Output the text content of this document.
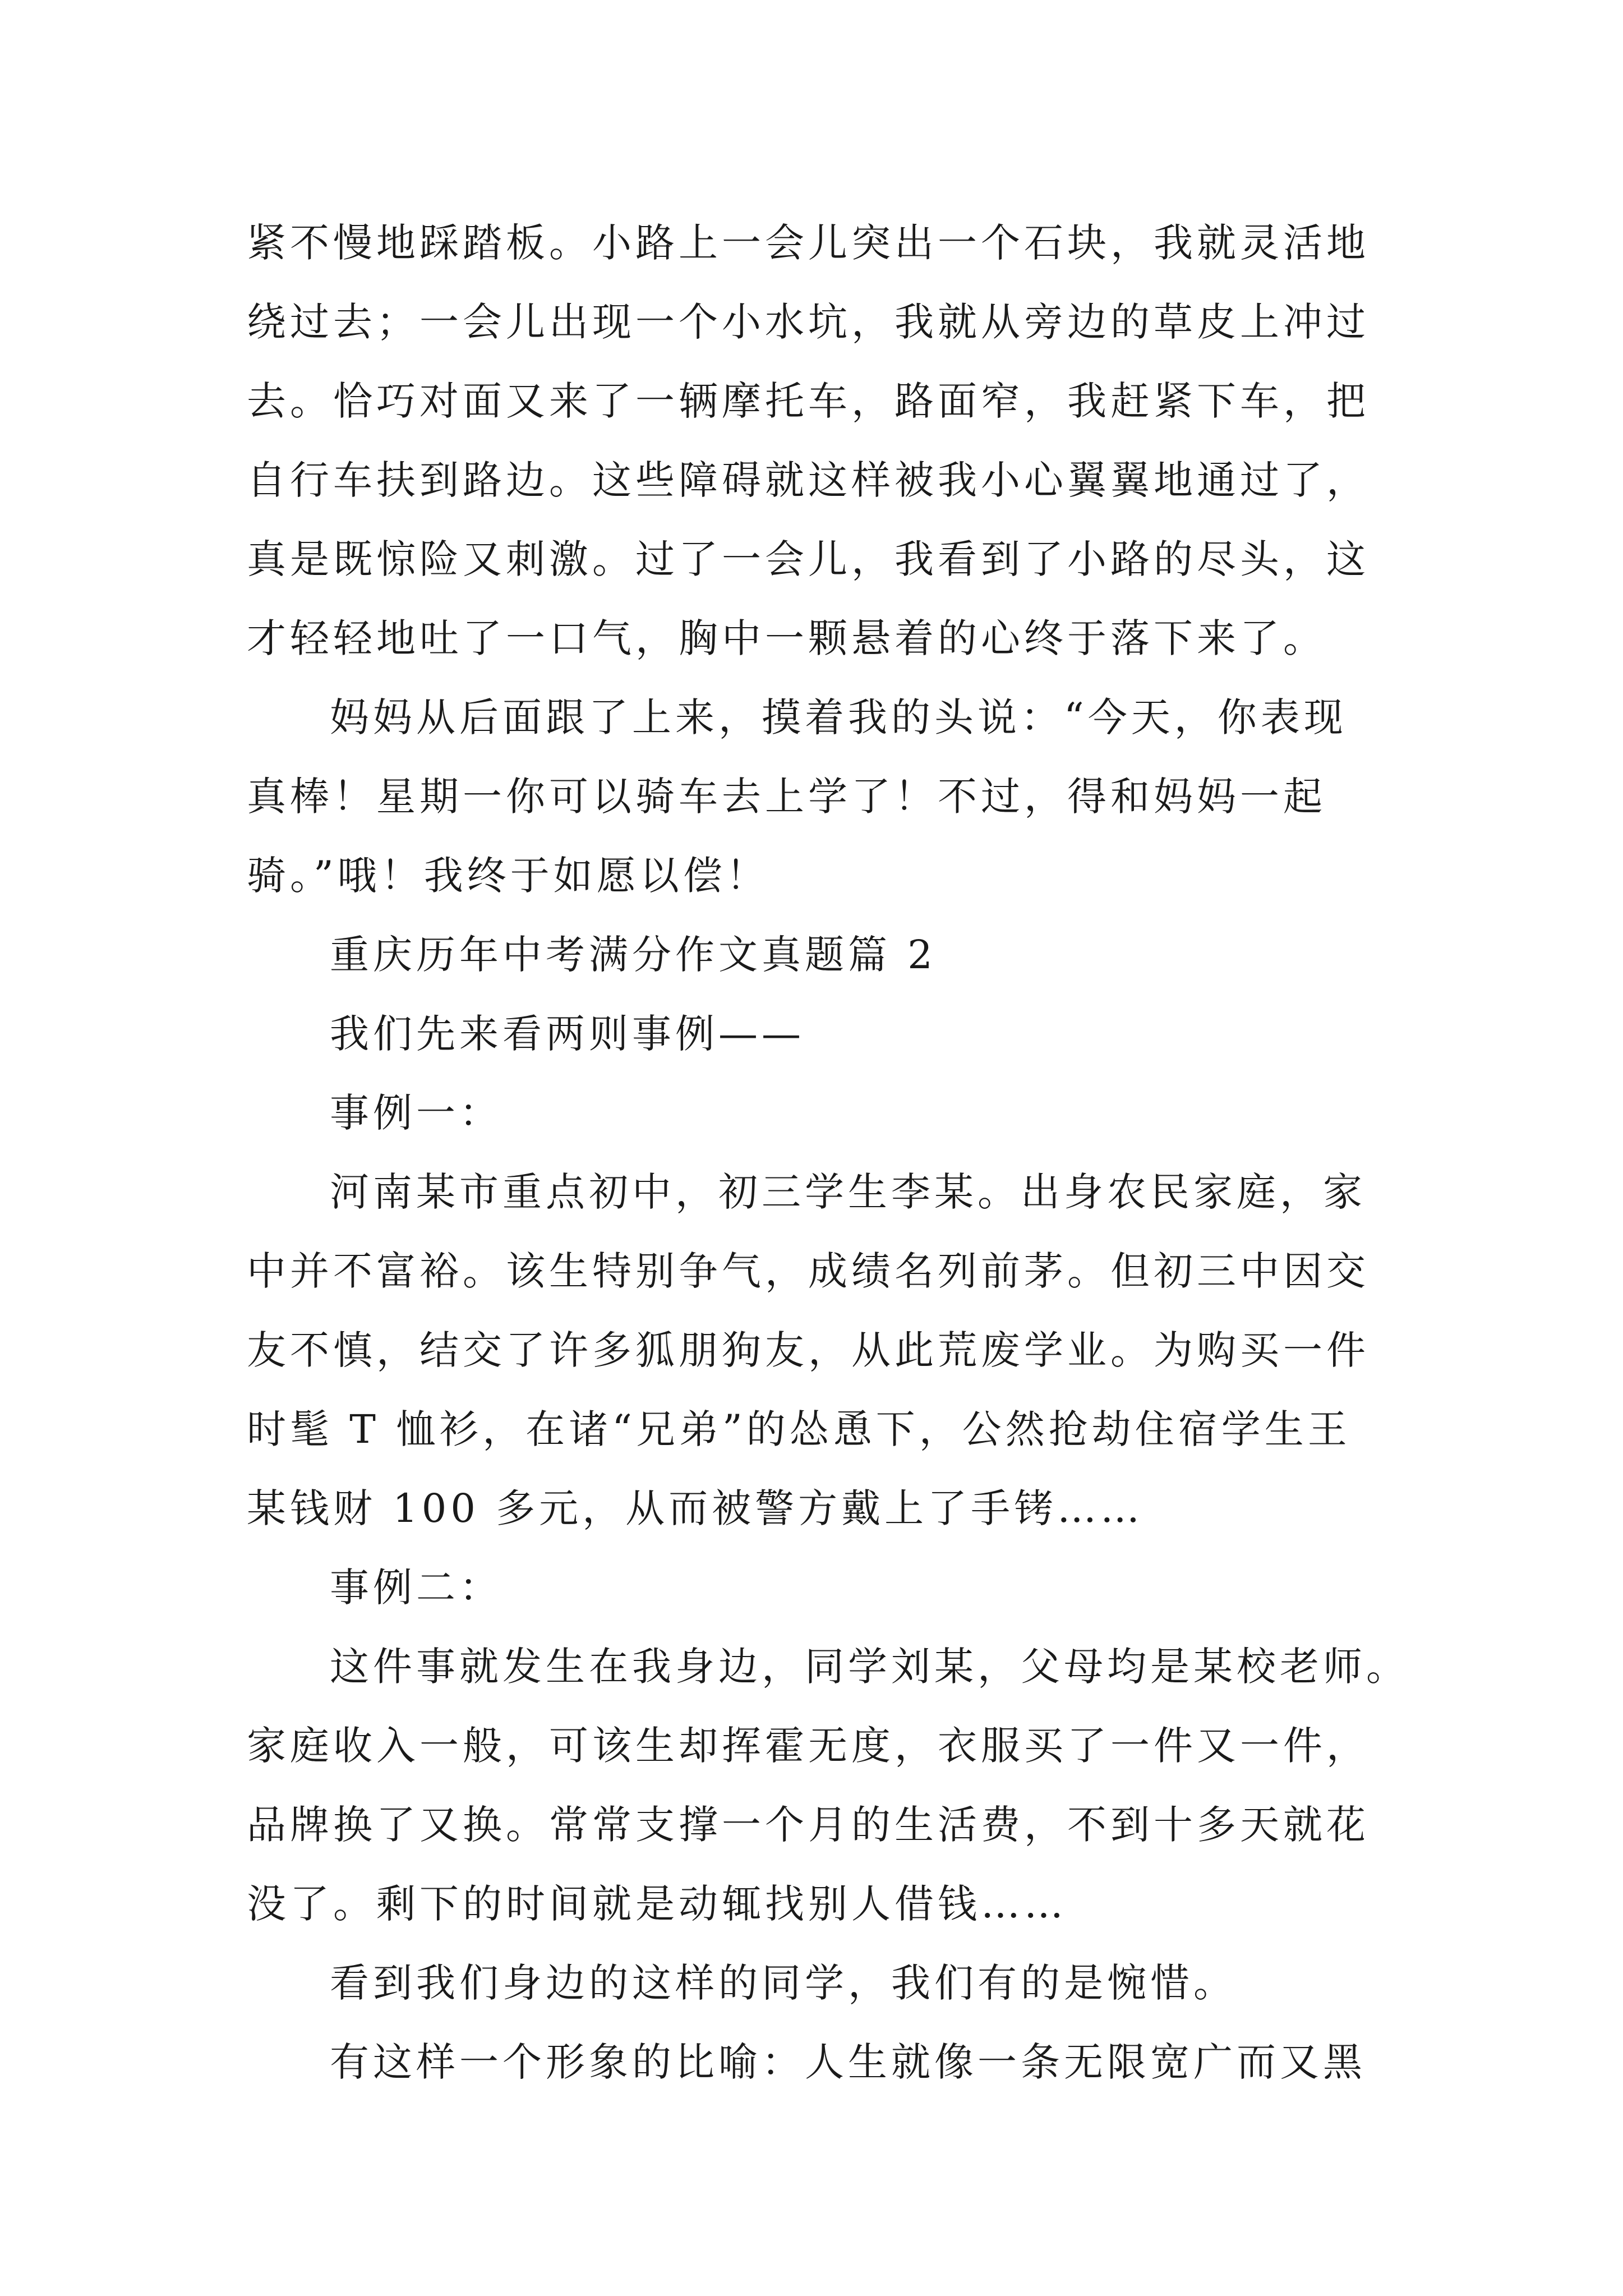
紧不慢地踩踏板。小路上一会儿突出一个石块，我就灵活地
绕过去；一会儿出现一个小水坑，我就从旁边的草皮上冲过
去。恰巧对面又来了一辆摩托车，路面窄，我赶紧下车，把
自行车扶到路边。这些障碍就这样被我小心翼翼地通过了，
真是既惊险又刺激。过了一会儿，我看到了小路的尽头，这
才轻轻地吐了一口气，胸中一颗悬着的心终于落下来了。
妈妈从后面跟了上来，摸着我的头说：“今天，你表现
真棒！星期一你可以骑车去上学了！不过，得和妈妈一起
骑。”哦！我终于如愿以偿！
重庆历年中考满分作文真题篇 2
我们先来看两则事例——
事例一：
河南某市重点初中，初三学生李某。出身农民家庭，家
中并不富裕。该生特别争气，成绩名列前茅。但初三中因交
友不慎，结交了许多狐朋狗友，从此荒废学业。为购买一件
时髦 T 恤衫，在诸“兄弟”的怂恿下，公然抢劫住宿学生王
某钱财 100 多元，从而被警方戴上了手铐……
事例二：
这件事就发生在我身边，同学刘某，父母均是某校老师。
家庭收入一般，可该生却挥霍无度，衣服买了一件又一件，
品牌换了又换。常常支撑一个月的生活费，不到十多天就花
没了。剩下的时间就是动辄找别人借钱……
看到我们身边的这样的同学，我们有的是惋惜。
有这样一个形象的比喻：人生就像一条无限宽广而又黑
